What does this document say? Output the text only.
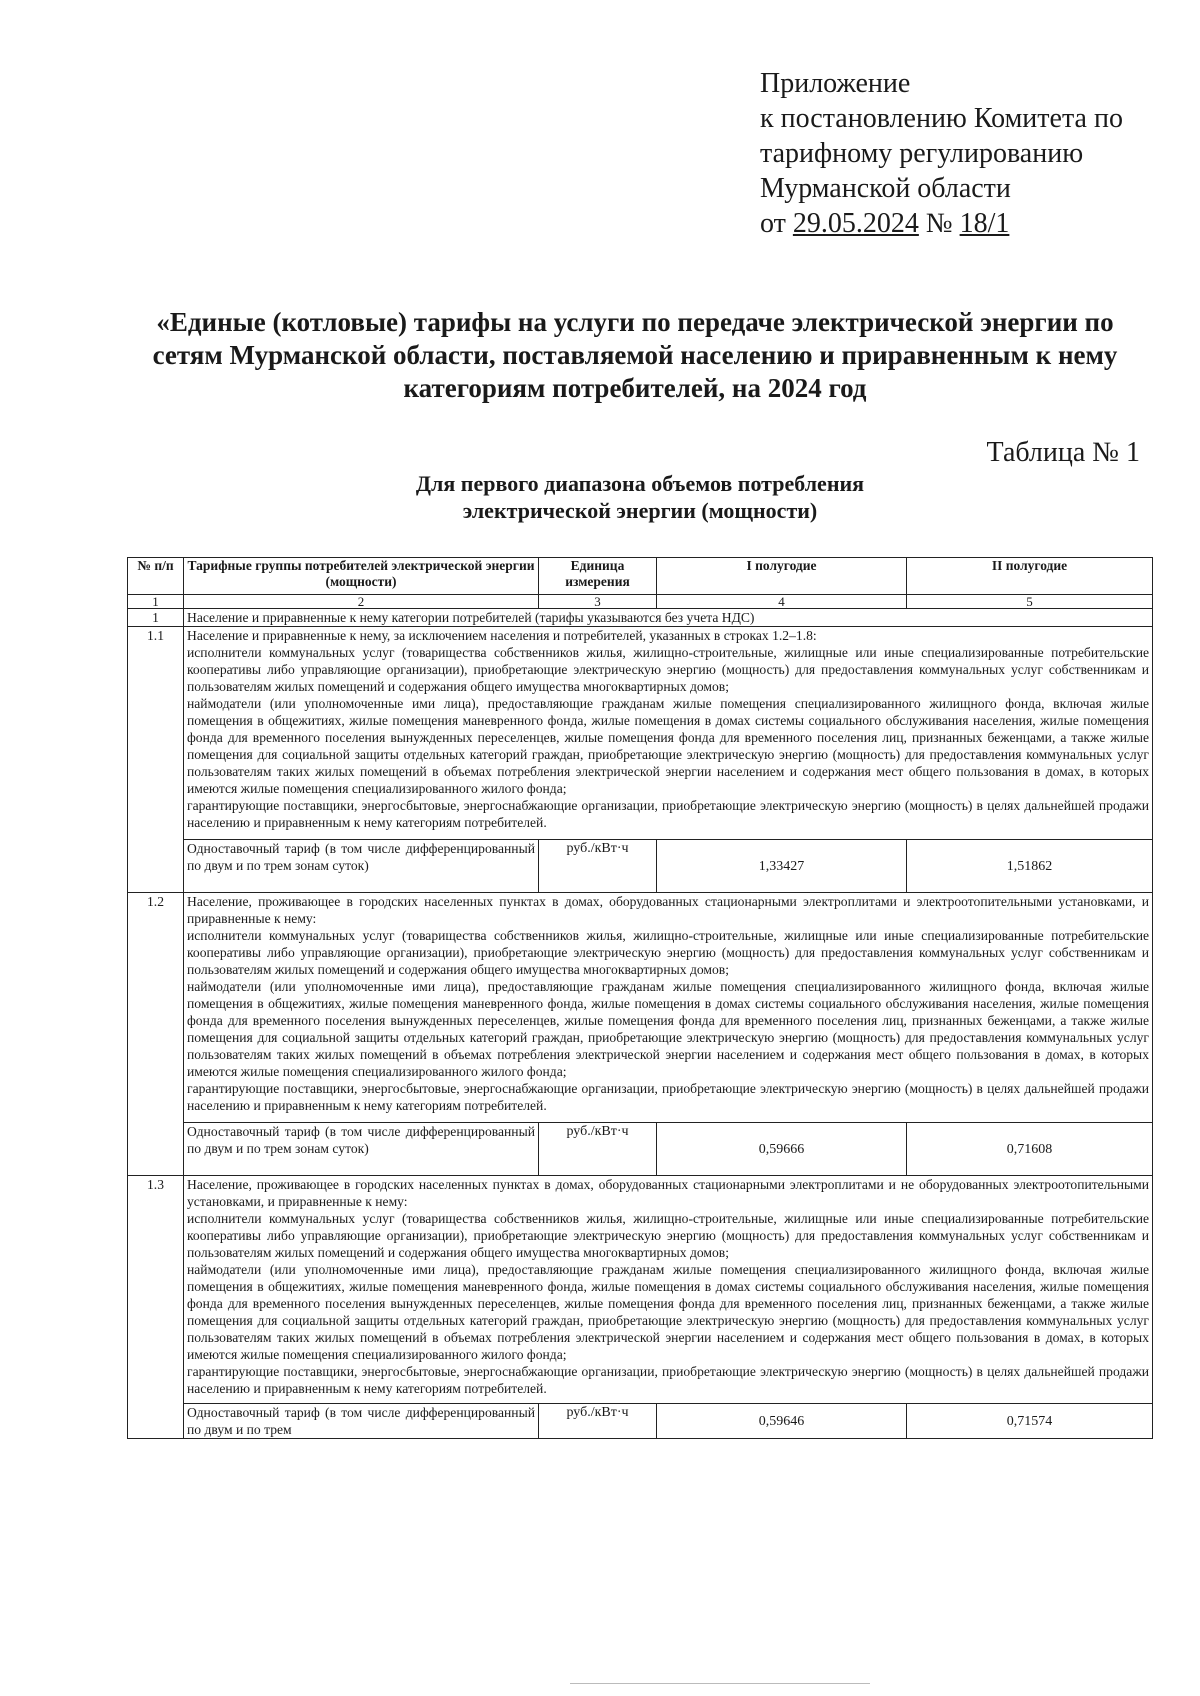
Приложение
к постановлению Комитета по
тарифному регулированию
Мурманской области
от 29.05.2024 № 18/1
«Единые (котловые) тарифы на услуги по передаче электрической энергии по сетям Мурманской области, поставляемой населению и приравненным к нему категориям потребителей, на 2024 год
Таблица № 1
Для первого диапазона объемов потребления
электрической энергии (мощности)
№ п/п	Тарифные группы потребителей электрической энергии (мощности)	Единица измерения	I полугодие	II полугодие
1	2	3	4	5
1	Население и приравненные к нему категории потребителей (тарифы указываются без учета НДС)			
1.1	Население и приравненные к нему, за исключением населения и потребителей, указанных в строках 1.2–1.8:

исполнители коммунальных услуг (товарищества собственников жилья, жилищно-строительные, жилищные или иные специализированные потребительские кооперативы либо управляющие организации), приобретающие электрическую энергию (мощность) для предоставления коммунальных услуг собственникам и пользователям жилых помещений и содержания общего имущества многоквартирных домов;

наймодатели (или уполномоченные ими лица), предоставляющие гражданам жилые помещения специализированного жилищного фонда, включая жилые помещения в общежитиях, жилые помещения маневренного фонда, жилые помещения в домах системы социального обслуживания населения, жилые помещения фонда для временного поселения вынужденных переселенцев, жилые помещения фонда для временного поселения лиц, признанных беженцами, а также жилые помещения для социальной защиты отдельных категорий граждан, приобретающие электрическую энергию (мощность) для предоставления коммунальных услуг пользователям таких жилых помещений в объемах потребления электрической энергии населением и содержания мест общего пользования в домах, в которых имеются жилые помещения специализированного жилого фонда;

гарантирующие поставщики, энергосбытовые, энергоснабжающие организации, приобретающие электрическую энергию (мощность) в целях дальнейшей продажи населению и приравненным к нему категориям потребителей.			

	Одноставочный тариф (в том числе дифференцированный по двум и по трем зонам суток)	руб./кВт·ч	1,33427	1,51862
1.2	Население, проживающее в городских населенных пунктах в домах, оборудованных стационарными электроплитами и электроотопительными установками, и приравненные к нему:

исполнители коммунальных услуг (товарищества собственников жилья, жилищно-строительные, жилищные или иные специализированные потребительские кооперативы либо управляющие организации), приобретающие электрическую энергию (мощность) для предоставления коммунальных услуг собственникам и пользователям жилых помещений и содержания общего имущества многоквартирных домов;

наймодатели (или уполномоченные ими лица), предоставляющие гражданам жилые помещения специализированного жилищного фонда, включая жилые помещения в общежитиях, жилые помещения маневренного фонда, жилые помещения в домах системы социального обслуживания населения, жилые помещения фонда для временного поселения вынужденных переселенцев, жилые помещения фонда для временного поселения лиц, признанных беженцами, а также жилые помещения для социальной защиты отдельных категорий граждан, приобретающие электрическую энергию (мощность) для предоставления коммунальных услуг пользователям таких жилых помещений в объемах потребления электрической энергии населением и содержания мест общего пользования в домах, в которых имеются жилые помещения специализированного жилого фонда;

гарантирующие поставщики, энергосбытовые, энергоснабжающие организации, приобретающие электрическую энергию (мощность) в целях дальнейшей продажи населению и приравненным к нему категориям потребителей.			

	Одноставочный тариф (в том числе дифференцированный по двум и по трем зонам суток)	руб./кВт·ч	0,59666	0,71608
1.3	Население, проживающее в городских населенных пунктах в домах, оборудованных стационарными электроплитами и не оборудованных электроотопительными установками, и приравненные к нему:

исполнители коммунальных услуг (товарищества собственников жилья, жилищно-строительные, жилищные или иные специализированные потребительские кооперативы либо управляющие организации), приобретающие электрическую энергию (мощность) для предоставления коммунальных услуг собственникам и пользователям жилых помещений и содержания общего имущества многоквартирных домов;

наймодатели (или уполномоченные ими лица), предоставляющие гражданам жилые помещения специализированного жилищного фонда, включая жилые помещения в общежитиях, жилые помещения маневренного фонда, жилые помещения в домах системы социального обслуживания населения, жилые помещения фонда для временного поселения вынужденных переселенцев, жилые помещения фонда для временного поселения лиц, признанных беженцами, а также жилые помещения для социальной защиты отдельных категорий граждан, приобретающие электрическую энергию (мощность) для предоставления коммунальных услуг пользователям таких жилых помещений в объемах потребления электрической энергии населением и содержания мест общего пользования в домах, в которых имеются жилые помещения специализированного жилого фонда;

гарантирующие поставщики, энергосбытовые, энергоснабжающие организации, приобретающие электрическую энергию (мощность) в целях дальнейшей продажи населению и приравненным к нему категориям потребителей.			

	Одноставочный тариф (в том числе дифференцированный по двум и по трем	руб./кВт·ч	0,59646	0,71574
